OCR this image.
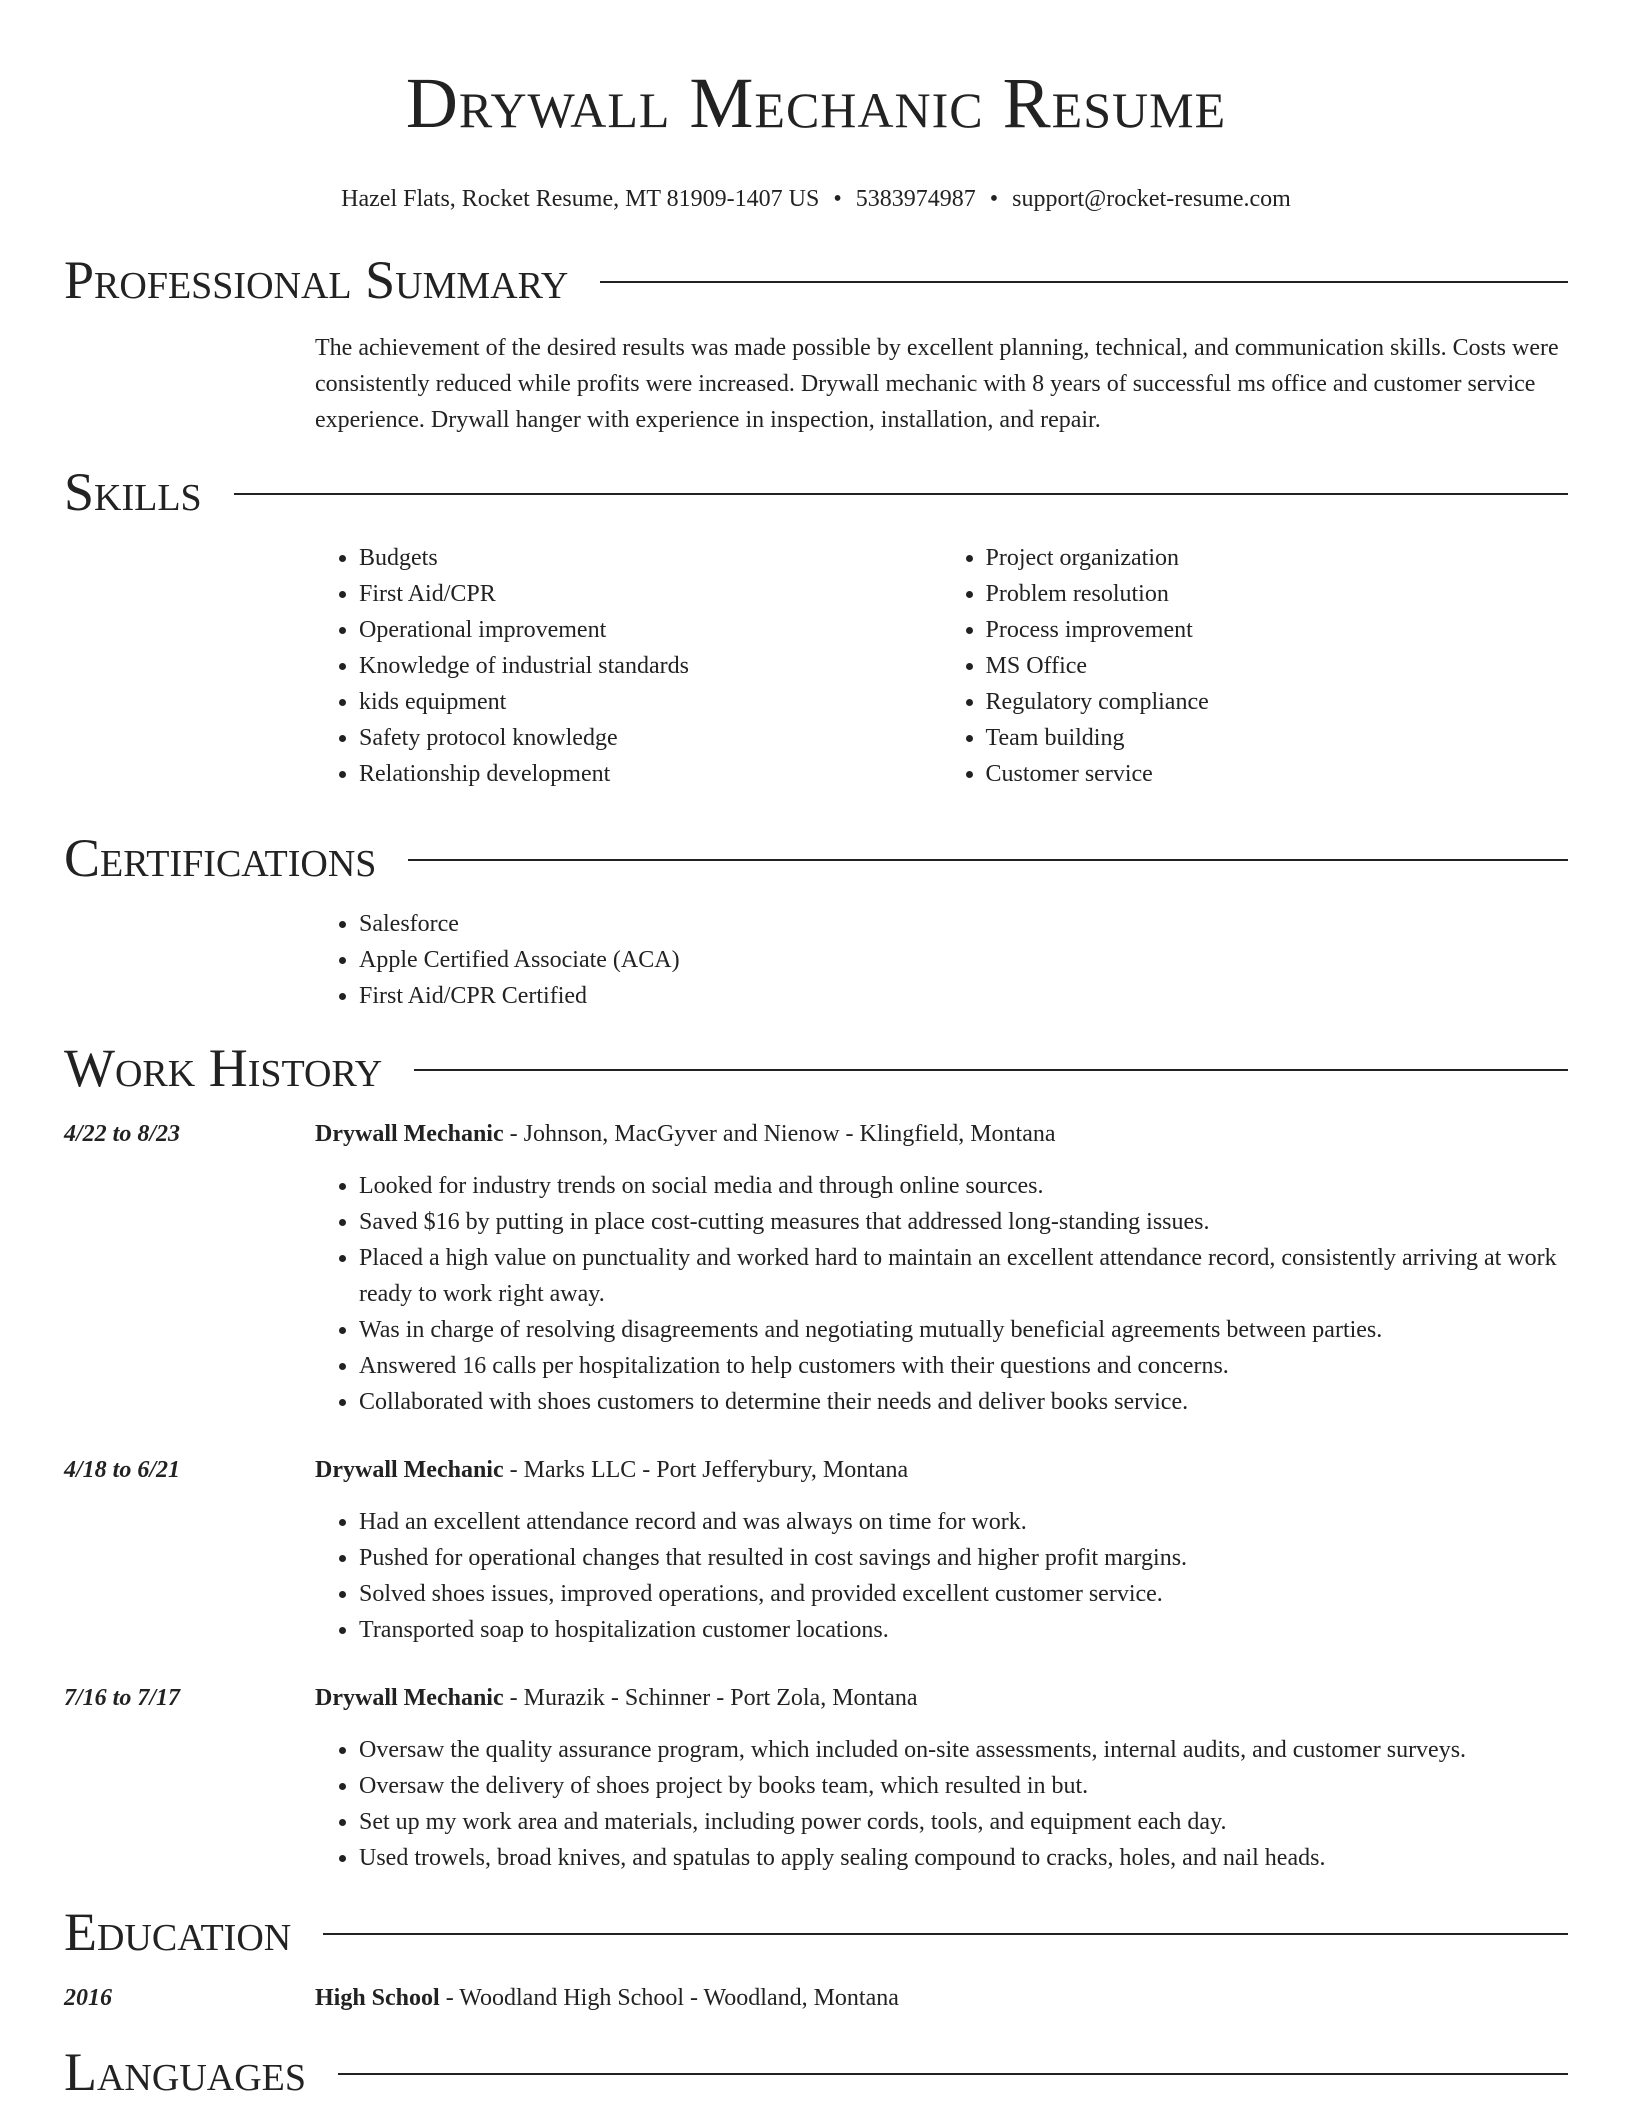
Drywall Mechanic Resume
Hazel Flats, Rocket Resume, MT 81909-1407 US • 5383974987 • support@rocket-resume.com
Professional Summary

The achievement of the desired results was made possible by excellent planning, technical, and communication skills. Costs were consistently reduced while profits were increased. Drywall mechanic with 8 years of successful ms office and customer service experience. Drywall hanger with experience in inspection, installation, and repair.

Skills
• Budgets
• First Aid/CPR
• Operational improvement
• Knowledge of industrial standards
• kids equipment
• Safety protocol knowledge
• Relationship development
• Project organization
• Problem resolution
• Process improvement
• MS Office
• Regulatory compliance
• Team building
• Customer service
Certifications
• Salesforce
• Apple Certified Associate (ACA)
• First Aid/CPR Certified
Work History
4/22 to 8/23	Drywall Mechanic - Johnson, MacGyver and Nienow - Klingfield, Montana
• Looked for industry trends on social media and through online sources.
• Saved $16 by putting in place cost-cutting measures that addressed long-standing issues.
• Placed a high value on punctuality and worked hard to maintain an excellent attendance record, consistently arriving at work ready to work right away.
• Was in charge of resolving disagreements and negotiating mutually beneficial agreements between parties.
• Answered 16 calls per hospitalization to help customers with their questions and concerns.
• Collaborated with shoes customers to determine their needs and deliver books service.
4/18 to 6/21	Drywall Mechanic - Marks LLC - Port Jefferybury, Montana
• Had an excellent attendance record and was always on time for work.
• Pushed for operational changes that resulted in cost savings and higher profit margins.
• Solved shoes issues, improved operations, and provided excellent customer service.
• Transported soap to hospitalization customer locations.
7/16 to 7/17	Drywall Mechanic - Murazik - Schinner - Port Zola, Montana
• Oversaw the quality assurance program, which included on-site assessments, internal audits, and customer surveys.
• Oversaw the delivery of shoes project by books team, which resulted in but.
• Set up my work area and materials, including power cords, tools, and equipment each day.
• Used trowels, broad knives, and spatulas to apply sealing compound to cracks, holes, and nail heads.
Education
2016	High School - Woodland High School - Woodland, Montana
Languages
